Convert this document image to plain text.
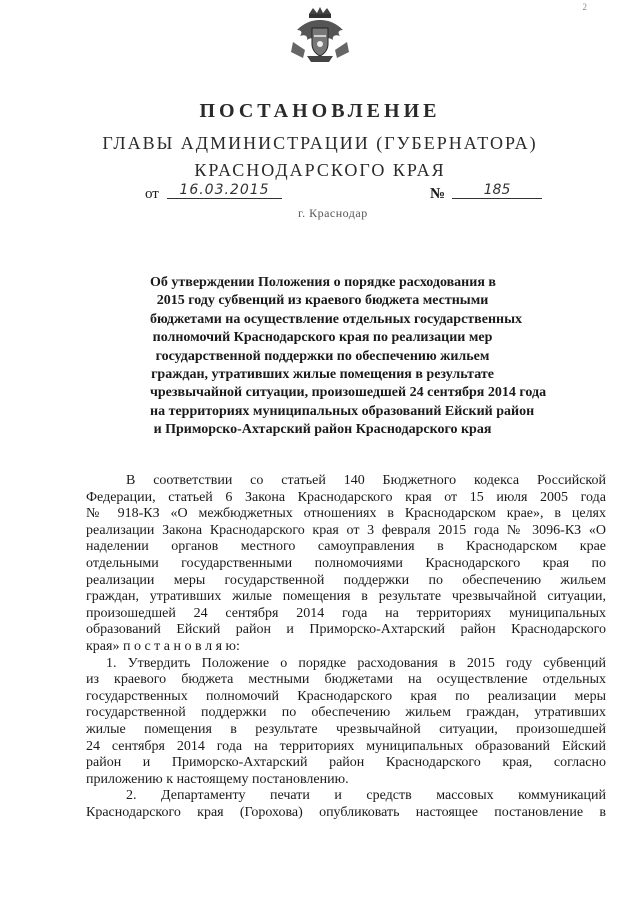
2
ПОСТАНОВЛЕНИЕ
ГЛАВЫ АДМИНИСТРАЦИИ (ГУБЕРНАТОРА)
КРАСНОДАРСКОГО КРАЯ
от	16.03.2015	№	185
г. Краснодар
Об утверждении Положения о порядке расходования в
2015 году субвенций из краевого бюджета местными
бюджетами на осуществление отдельных государственных
полномочий Краснодарского края по реализации мер
государственной поддержки по обеспечению жильем
граждан, утративших жилые помещения в результате
чрезвычайной ситуации, произошедшей 24 сентября 2014 года
на территориях муниципальных образований Ейский район
и Приморско-Ахтарский район Краснодарского края
В соответствии со статьей 140 Бюджетного кодекса Российской
Федерации, статьей 6 Закона Краснодарского края от 15 июля 2005 года
№ 918-КЗ «О межбюджетных отношениях в Краснодарском крае», в целях
реализации Закона Краснодарского края от 3 февраля 2015 года № 3096-КЗ «О
наделении органов местного самоуправления в Краснодарском крае
отдельными государственными полномочиями Краснодарского края по
реализации меры государственной поддержки по обеспечению жильем
граждан, утративших жилые помещения в результате чрезвычайной ситуации,
произошедшей 24 сентября 2014 года на территориях муниципальных
образований Ейский район и Приморско-Ахтарский район Краснодарского
края» п о с т а н о в л я ю:
1. Утвердить Положение о порядке расходования в 2015 году субвенций
из краевого бюджета местными бюджетами на осуществление отдельных
государственных полномочий Краснодарского края по реализации меры
государственной поддержки по обеспечению жильем граждан, утративших
жилые помещения в результате чрезвычайной ситуации, произошедшей
24 сентября 2014 года на территориях муниципальных образований Ейский
район и Приморско-Ахтарский район Краснодарского края, согласно
приложению к настоящему постановлению.
2. Департаменту печати и средств массовых коммуникаций
Краснодарского края (Горохова) опубликовать настоящее постановление в
